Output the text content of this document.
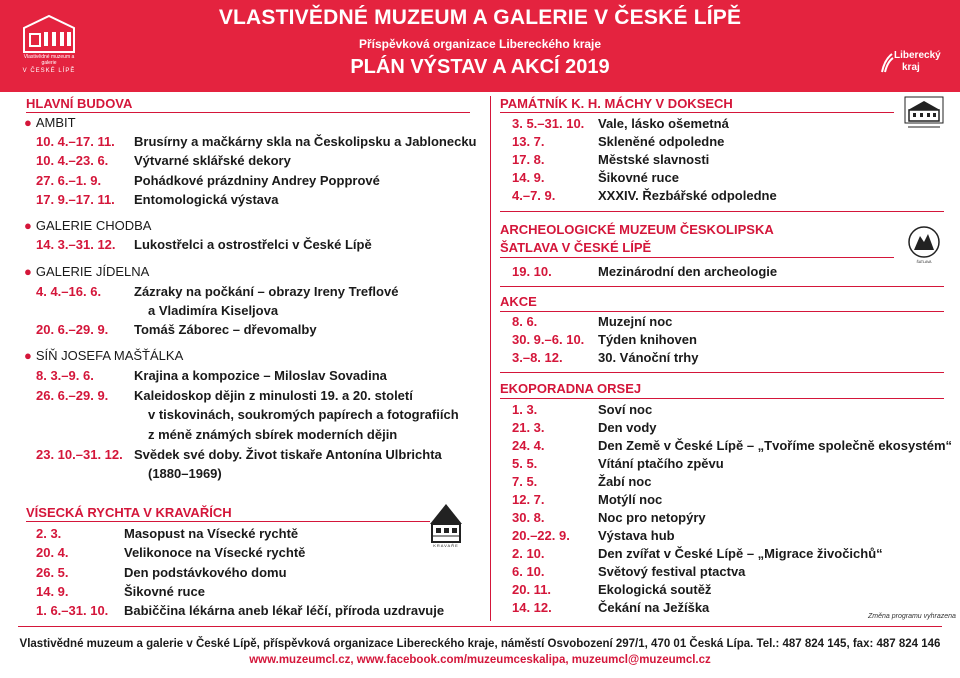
Vlastivědné muzeum a galerie
V ČESKÉ LÍPĚ
VLASTIVĚDNÉ MUZEUM A GALERIE V ČESKÉ LÍPĚ
Příspěvková organizace Libereckého kraje
PLÁN VÝSTAV A AKCÍ 2019
Liberecký
kraj
HLAVNÍ BUDOVA
● AMBIT
10. 4.–17. 11. Brusírny a mačkárny skla na Českolipsku a Jablonecku
10. 4.–23. 6. Výtvarné sklářské dekory
27. 6.–1. 9.	Pohádkové prázdniny Andrey Popprové
17. 9.–17. 11. Entomologická výstava
● GALERIE CHODBA
14. 3.–31. 12. Lukostřelci a ostrostřelci v České Lípě
● GALERIE JÍDELNA
4. 4.–16. 6.	Zázraky na počkání – obrazy Ireny Treflové
a Vladimíra Kiseljova
20. 6.–29. 9. Tomáš Záborec – dřevomalby
● SÍŇ JOSEFA MAŠŤÁLKA
8. 3.–9. 6.	Krajina a kompozice – Miloslav Sovadina
26. 6.–29. 9. Kaleidoskop dějin z minulosti 19. a 20. století
v tiskovinách, soukromých papírech a fotografiích
z méně známých sbírek moderních dějin
23. 10.–31. 12. Svědek své doby. Život tiskaře Antonína Ulbrichta
(1880–1969)
VÍSECKÁ RYCHTA V KRAVAŘÍCH
KRAVAŘE
2. 3.	Masopust na Vísecké rychtě
20. 4.	Velikonoce na Vísecké rychtě
26. 5.	Den podstávkového domu
14. 9.	Šikovné ruce
1. 6.–31. 10. Babiččina lékárna aneb lékař léčí, příroda uzdravuje
PAMÁTNÍK K. H. MÁCHY V DOKSECH
3. 5.–31. 10. Vale, lásko ošemetná
13. 7.	Skleněné odpoledne
17. 8.	Městské slavnosti
14. 9.	Šikovné ruce
4.–7. 9.	XXXIV. Řezbářské odpoledne
ARCHEOLOGICKÉ MUZEUM ČESKOLIPSKA
ŠATLAVA V ČESKÉ LÍPĚ
ŠATLAVA
19. 10.	Mezinárodní den archeologie
AKCE
8. 6.	Muzejní noc
30. 9.–6. 10. Týden knihoven
3.–8. 12.	30. Vánoční trhy
EKOPORADNA ORSEJ
1. 3.	Soví noc
21. 3.	Den vody
24. 4.	Den Země v České Lípě – „Tvoříme společně ekosystém“
5. 5.	Vítání ptačího zpěvu
7. 5.	Žabí noc
12. 7.	Motýlí noc
30. 8.	Noc pro netopýry
20.–22. 9. Výstava hub
2. 10.	Den zvířat v České Lípě – „Migrace živočichů“
6. 10.	Světový festival ptactva
20. 11.	Ekologická soutěž
14. 12.	Čekání na Ježíška
Změna programu vyhrazena
Vlastivědné muzeum a galerie v České Lípě, příspěvková organizace Libereckého kraje, náměstí Osvobození 297/1, 470 01 Česká Lípa. Tel.: 487 824 145, fax: 487 824 146
www.muzeumcl.cz, www.facebook.com/muzeumceskalipa, muzeumcl@muzeumcl.cz
